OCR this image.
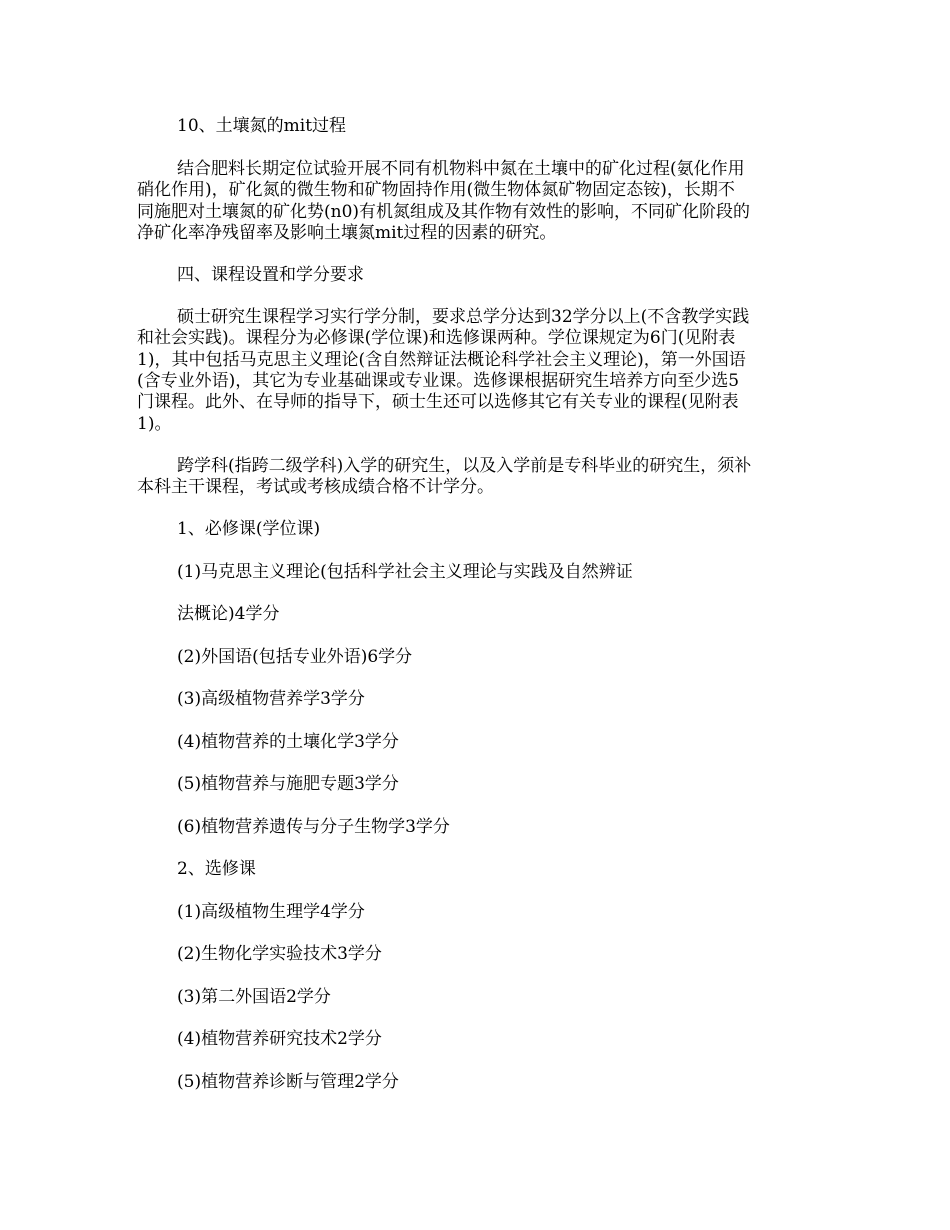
10、土壤氮的mit过程
结合肥料长期定位试验开展不同有机物料中氮在土壤中的矿化过程(氨化作用
硝化作用)，矿化氮的微生物和矿物固持作用(微生物体氮矿物固定态铵)，长期不
同施肥对土壤氮的矿化势(n0)有机氮组成及其作物有效性的影响，不同矿化阶段的
净矿化率净残留率及影响土壤氮mit过程的因素的研究。
四、课程设置和学分要求
硕士研究生课程学习实行学分制，要求总学分达到32学分以上(不含教学实践
和社会实践)。课程分为必修课(学位课)和选修课两种。学位课规定为6门(见附表
1)，其中包括马克思主义理论(含自然辩证法概论科学社会主义理论)，第一外国语
(含专业外语)，其它为专业基础课或专业课。选修课根据研究生培养方向至少选5
门课程。此外、在导师的指导下，硕士生还可以选修其它有关专业的课程(见附表
1)。
跨学科(指跨二级学科)入学的研究生，以及入学前是专科毕业的研究生，须补
本科主干课程，考试或考核成绩合格不计学分。
1、必修课(学位课)
(1)马克思主义理论(包括科学社会主义理论与实践及自然辨证
法概论)4学分
(2)外国语(包括专业外语)6学分
(3)高级植物营养学3学分
(4)植物营养的土壤化学3学分
(5)植物营养与施肥专题3学分
(6)植物营养遗传与分子生物学3学分
2、选修课
(1)高级植物生理学4学分
(2)生物化学实验技术3学分
(3)第二外国语2学分
(4)植物营养研究技术2学分
(5)植物营养诊断与管理2学分
